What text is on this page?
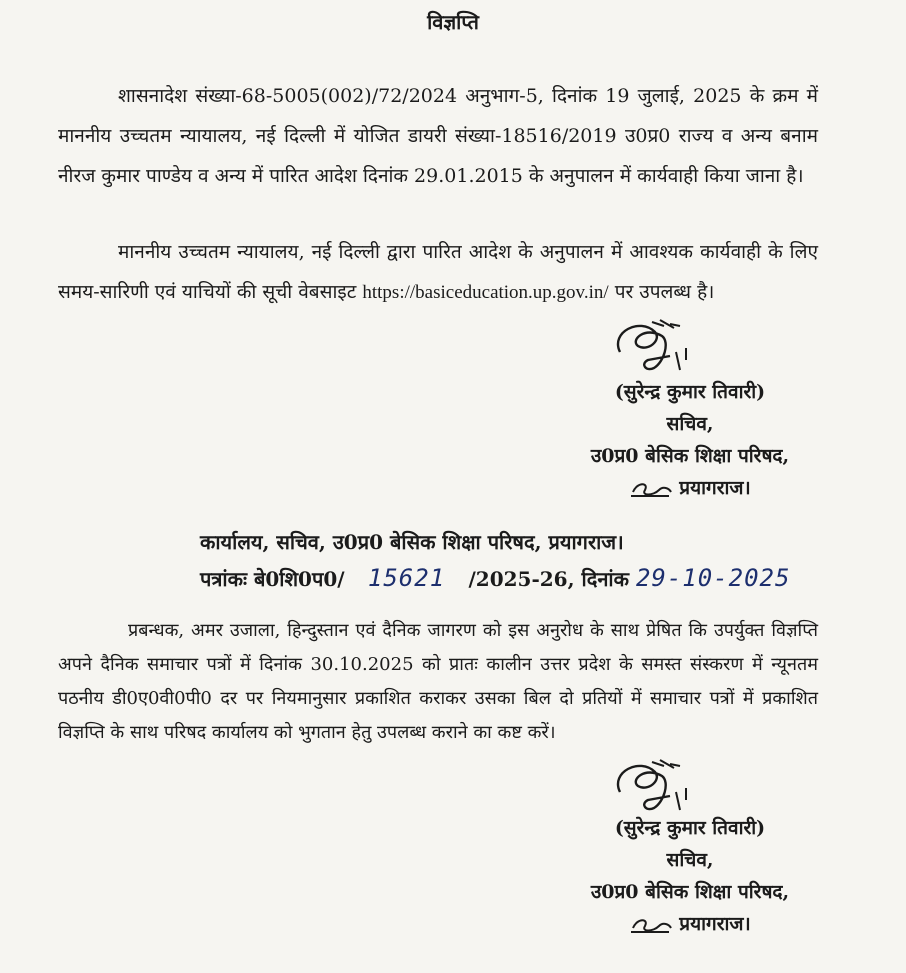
विज्ञप्ति
शासनादेश संख्या-68-5005(002)/72/2024 अनुभाग-5, दिनांक 19 जुलाई, 2025 के क्रम में माननीय उच्चतम न्यायालय, नई दिल्ली में योजित डायरी संख्या-18516/2019 उ0प्र0 राज्य व अन्य बनाम नीरज कुमार पाण्डेय व अन्य में पारित आदेश दिनांक 29.01.2015 के अनुपालन में कार्यवाही किया जाना है।
माननीय उच्चतम न्यायालय, नई दिल्ली द्वारा पारित आदेश के अनुपालन में आवश्यक कार्यवाही के लिए समय-सारिणी एवं याचियों की सूची वेबसाइट https://basiceducation.up.gov.in/ पर उपलब्ध है।
(सुरेन्द्र कुमार तिवारी)
सचिव,
उ0प्र0 बेसिक शिक्षा परिषद,
प्रयागराज।
कार्यालय, सचिव, उ0प्र0 बेसिक शिक्षा परिषद, प्रयागराज।
पत्रांकः बे0शि0प0/ 15621 /2025-26, दिनांक 29-10-2025
प्रबन्धक, अमर उजाला, हिन्दुस्तान एवं दैनिक जागरण को इस अनुरोध के साथ प्रेषित कि उपर्युक्त विज्ञप्ति अपने दैनिक समाचार पत्रों में दिनांक 30.10.2025 को प्रातः कालीन उत्तर प्रदेश के समस्त संस्करण में न्यूनतम पठनीय डी0ए0वी0पी0 दर पर नियमानुसार प्रकाशित कराकर उसका बिल दो प्रतियों में समाचार पत्रों में प्रकाशित विज्ञप्ति के साथ परिषद कार्यालय को भुगतान हेतु उपलब्ध कराने का कष्ट करें।
(सुरेन्द्र कुमार तिवारी)
सचिव,
उ0प्र0 बेसिक शिक्षा परिषद,
प्रयागराज।
